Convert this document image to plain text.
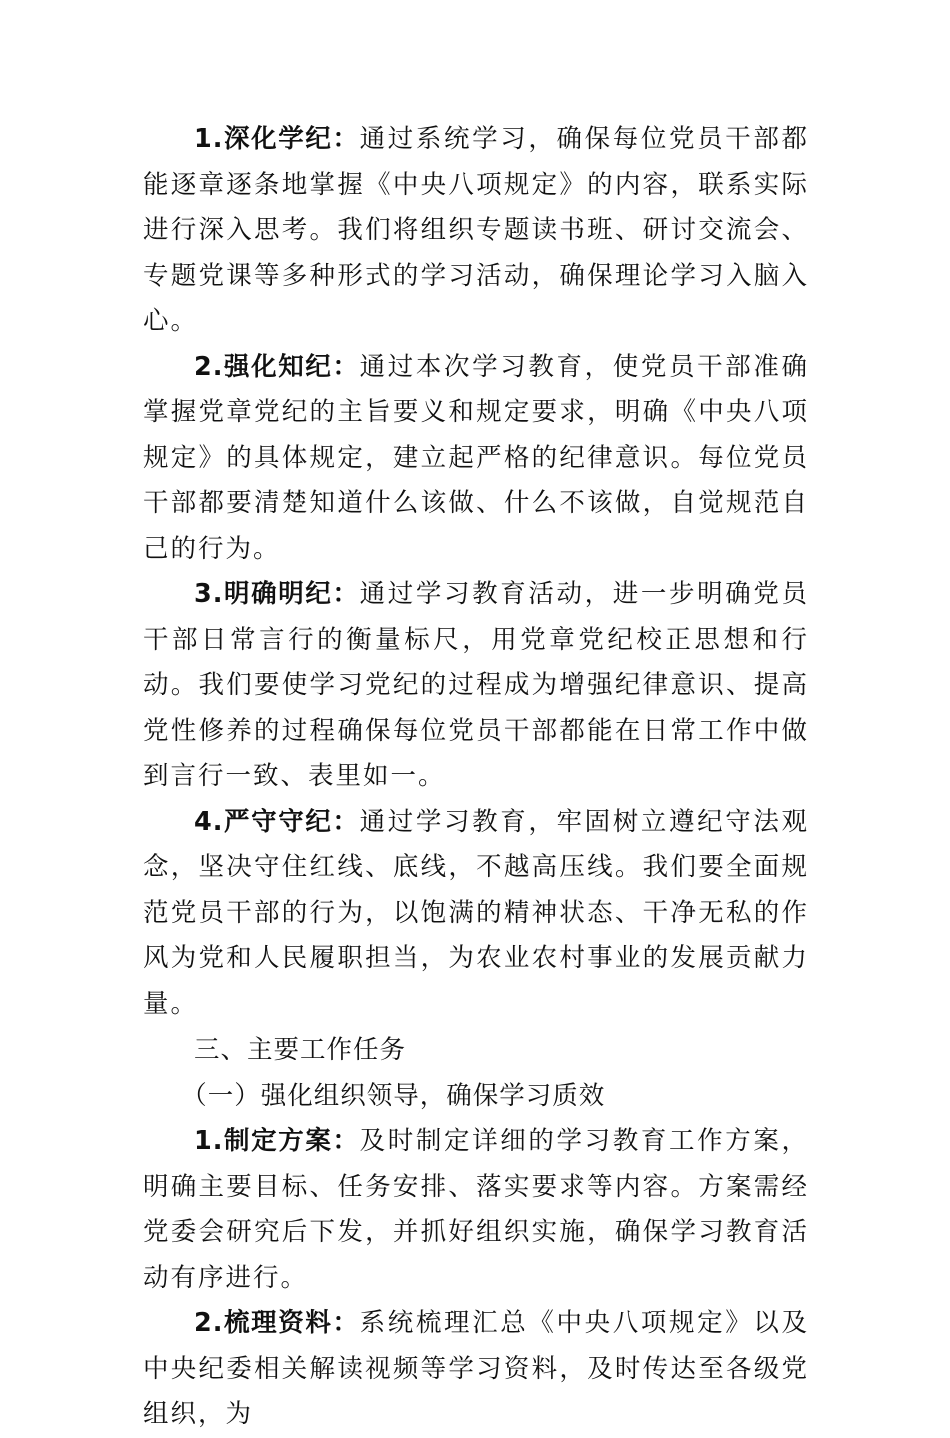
1.深化学纪：通过系统学习，确保每位党员干部都能逐章逐条地掌握《中央八项规定》的内容，联系实际进行深入思考。我们将组织专题读书班、研讨交流会、专题党课等多种形式的学习活动，确保理论学习入脑入心。

2.强化知纪：通过本次学习教育，使党员干部准确掌握党章党纪的主旨要义和规定要求，明确《中央八项规定》的具体规定，建立起严格的纪律意识。每位党员干部都要清楚知道什么该做、什么不该做，自觉规范自己的行为。

3.明确明纪：通过学习教育活动，进一步明确党员干部日常言行的衡量标尺，用党章党纪校正思想和行动。我们要使学习党纪的过程成为增强纪律意识、提高党性修养的过程确保每位党员干部都能在日常工作中做到言行一致、表里如一。

4.严守守纪：通过学习教育，牢固树立遵纪守法观念，坚决守住红线、底线，不越高压线。我们要全面规范党员干部的行为，以饱满的精神状态、干净无私的作风为党和人民履职担当，为农业农村事业的发展贡献力量。

三、主要工作任务

（一）强化组织领导，确保学习质效

1.制定方案：及时制定详细的学习教育工作方案，明确主要目标、任务安排、落实要求等内容。方案需经党委会研究后下发，并抓好组织实施，确保学习教育活动有序进行。

2.梳理资料：系统梳理汇总《中央八项规定》以及中央纪委相关解读视频等学习资料，及时传达至各级党组织，为
